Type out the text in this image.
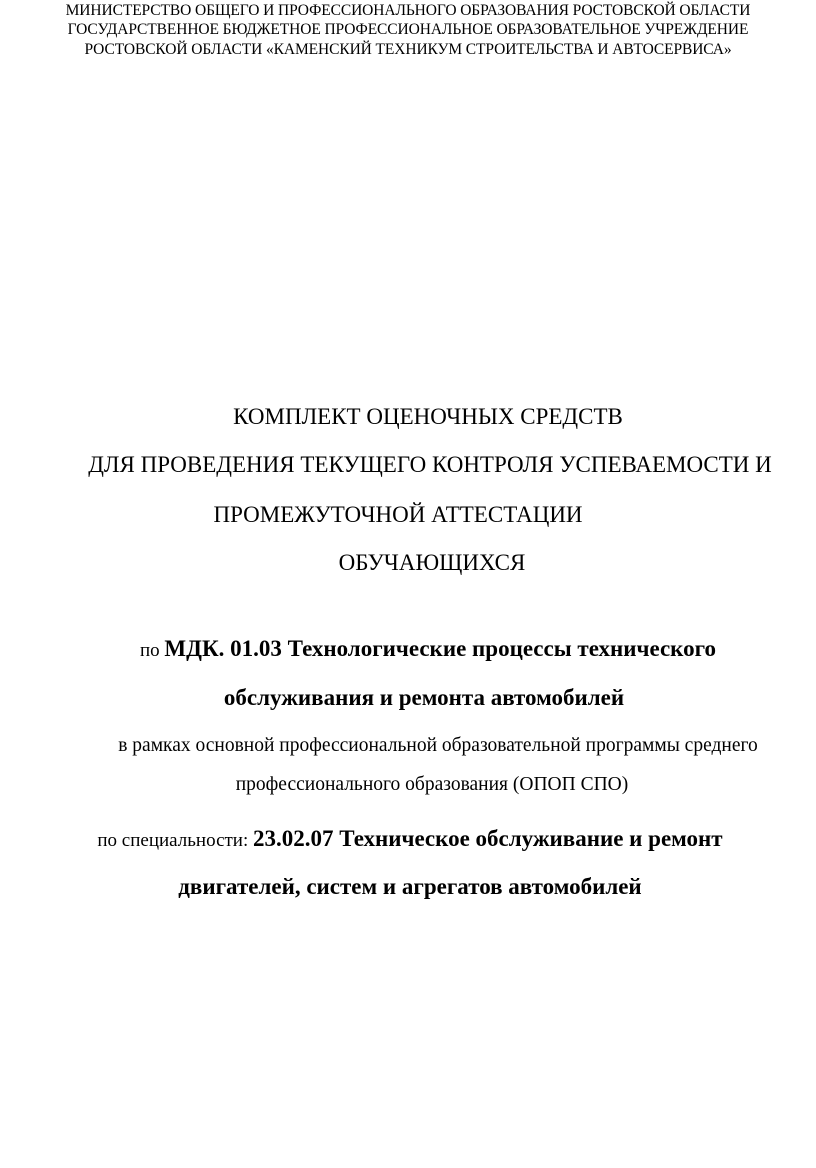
МИНИСТЕРСТВО ОБЩЕГО И ПРОФЕССИОНАЛЬНОГО ОБРАЗОВАНИЯ РОСТОВСКОЙ ОБЛАСТИ
ГОСУДАРСТВЕННОЕ БЮДЖЕТНОЕ ПРОФЕССИОНАЛЬНОЕ ОБРАЗОВАТЕЛЬНОЕ УЧРЕЖДЕНИЕ
РОСТОВСКОЙ ОБЛАСТИ «КАМЕНСКИЙ ТЕХНИКУМ СТРОИТЕЛЬСТВА И АВТОСЕРВИСА»
КОМПЛЕКТ ОЦЕНОЧНЫХ СРЕДСТВ
ДЛЯ ПРОВЕДЕНИЯ ТЕКУЩЕГО КОНТРОЛЯ УСПЕВАЕМОСТИ И
ПРОМЕЖУТОЧНОЙ АТТЕСТАЦИИ
ОБУЧАЮЩИХСЯ
по МДК. 01.03 Технологические процессы технического
обслуживания и ремонта автомобилей
в рамках основной профессиональной образовательной программы среднего
профессионального образования (ОПОП СПО)
по специальности: 23.02.07 Техническое обслуживание и ремонт
двигателей, систем и агрегатов автомобилей
